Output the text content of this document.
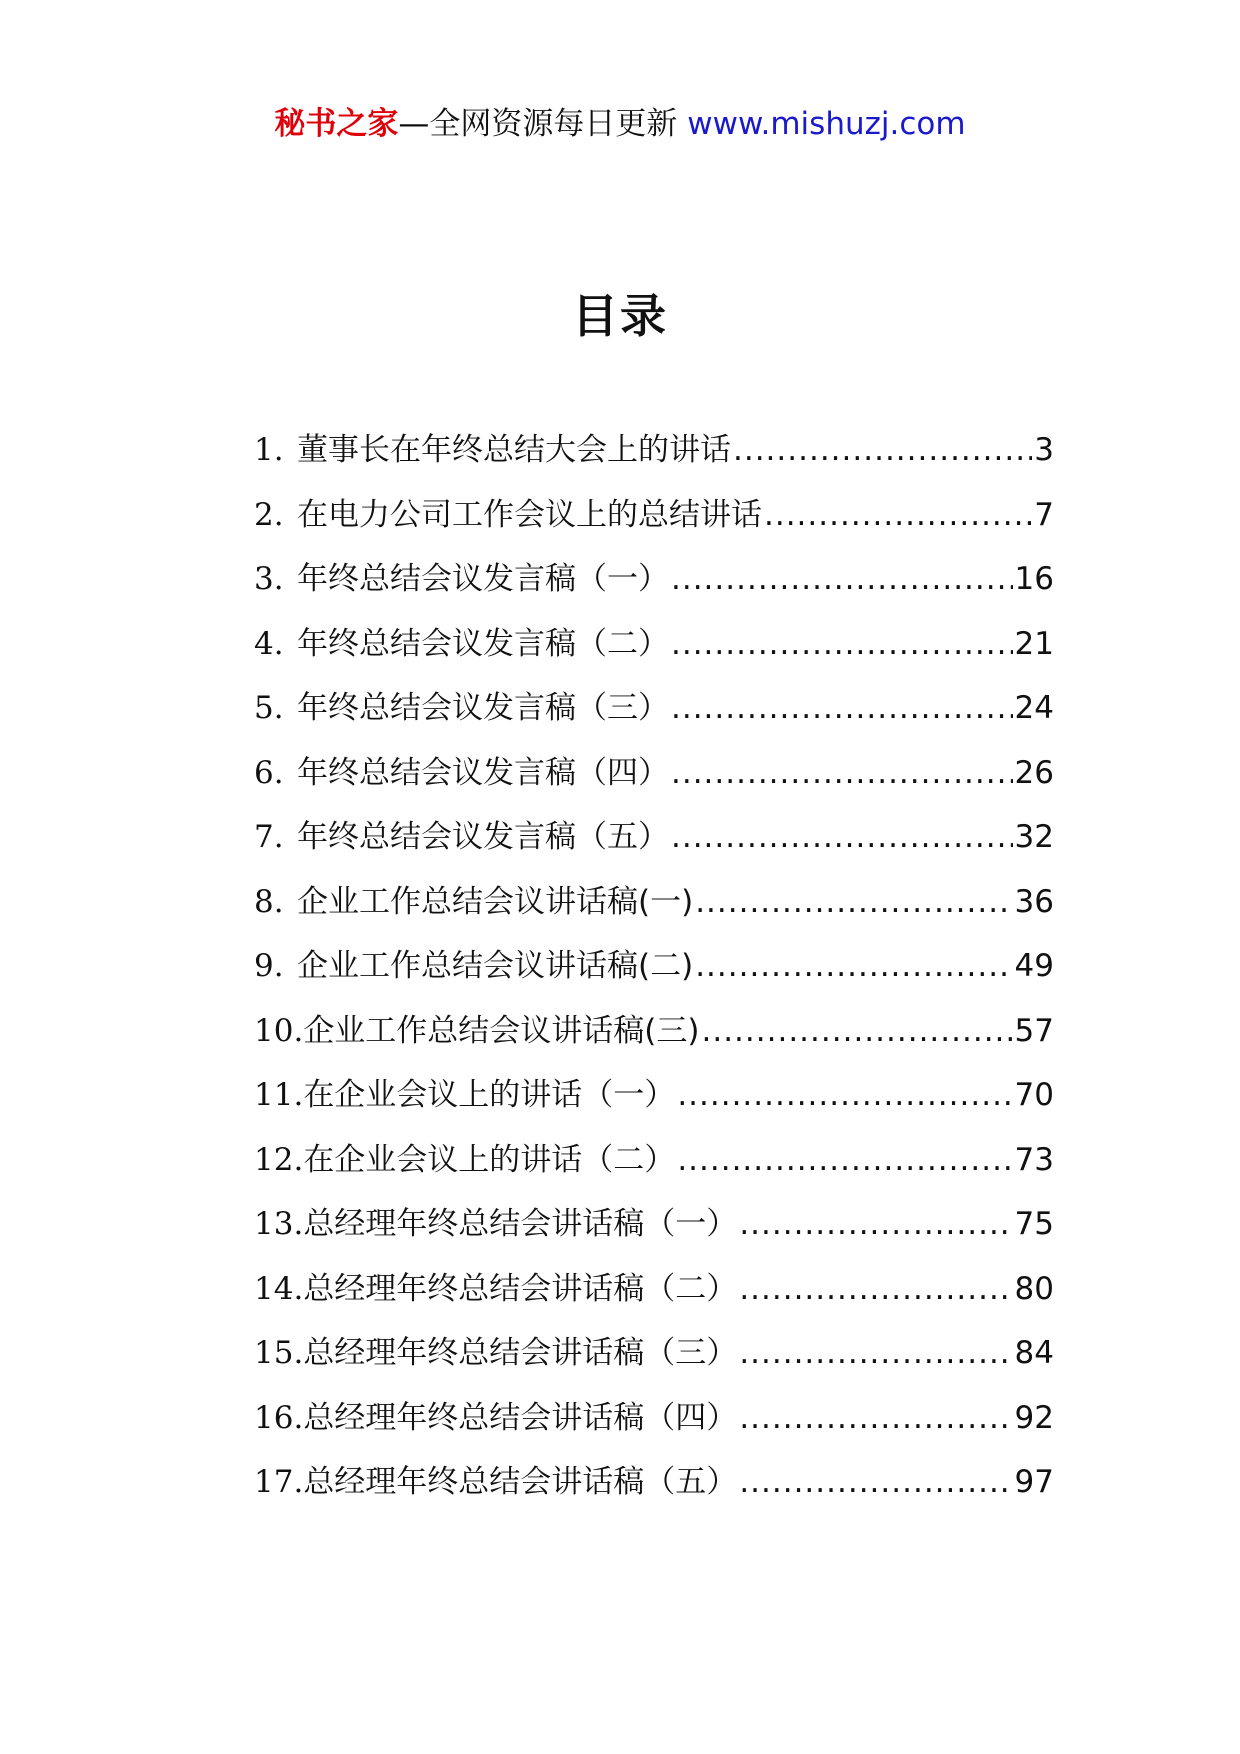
秘书之家—全网资源每日更新 www.mishuzj.com
目录
1. 董事长在年终总结大会上的讲话 .....	3
2. 在电力公司工作会议上的总结讲话 .....	7
3. 年终总结会议发言稿（一） .....	16
4. 年终总结会议发言稿（二） .....	21
5. 年终总结会议发言稿（三） .....	24
6. 年终总结会议发言稿（四） .....	26
7. 年终总结会议发言稿（五） .....	32
8. 企业工作总结会议讲话稿(一) .....	36
9. 企业工作总结会议讲话稿(二) .....	49
10. 企业工作总结会议讲话稿(三) .....	57
11. 在企业会议上的讲话（一） .....	70
12. 在企业会议上的讲话（二） .....	73
13. 总经理年终总结会讲话稿（一） .....	75
14. 总经理年终总结会讲话稿（二） .....	80
15. 总经理年终总结会讲话稿（三） .....	84
16. 总经理年终总结会讲话稿（四） .....	92
17. 总经理年终总结会讲话稿（五） .....	97
